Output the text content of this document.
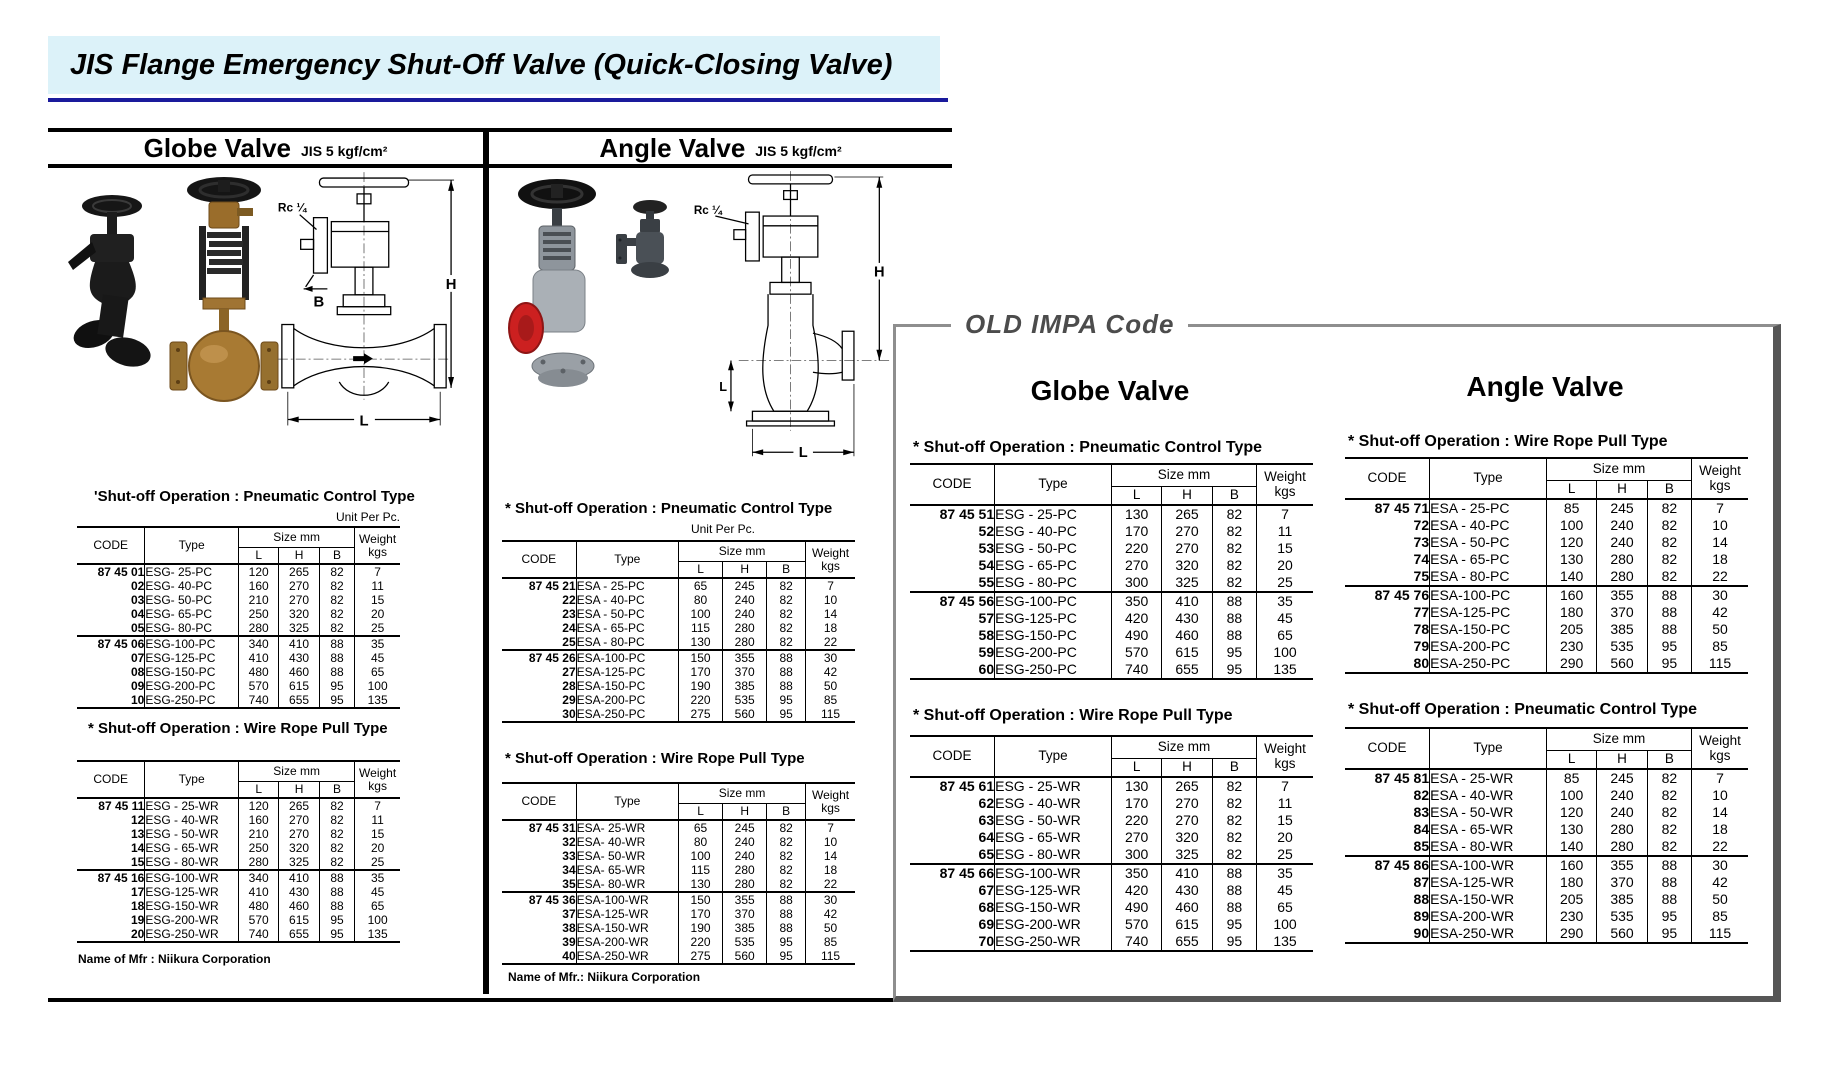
JIS Flange Emergency Shut-Off Valve (Quick-Closing Valve)
Globe Valve JIS 5 kgf/cm²	Angle Valve JIS 5 kgf/cm²
Rc ¼
B
H
L
Rc ¼
H
L
L
'Shut-off Operation : Pneumatic Control Type
Unit Per Pc.
CODE	Type	Size mm			Weight
kgs
		L	H	B	
87 45 01	ESG- 25-PC	120	265	82	7
02	ESG- 40-PC	160	270	82	11
03	ESG- 50-PC	210	270	82	15
04	ESG- 65-PC	250	320	82	20
05	ESG- 80-PC	280	325	82	25
87 45 06	ESG-100-PC	340	410	88	35
07	ESG-125-PC	410	430	88	45
08	ESG-150-PC	480	460	88	65
09	ESG-200-PC	570	615	95	100
10	ESG-250-PC	740	655	95	135
* Shut-off Operation : Wire Rope Pull Type
CODE	Type	Size mm			Weight
kgs
		L	H	B	
87 45 11	ESG - 25-WR	120	265	82	7
12	ESG - 40-WR	160	270	82	11
13	ESG - 50-WR	210	270	82	15
14	ESG - 65-WR	250	320	82	20
15	ESG - 80-WR	280	325	82	25
87 45 16	ESG-100-WR	340	410	88	35
17	ESG-125-WR	410	430	88	45
18	ESG-150-WR	480	460	88	65
19	ESG-200-WR	570	615	95	100
20	ESG-250-WR	740	655	95	135
Name of Mfr : Niikura Corporation
* Shut-off Operation : Pneumatic Control Type
Unit Per Pc.
CODE	Type	Size mm			Weight
kgs
		L	H	B	
87 45 21	ESA - 25-PC	65	245	82	7
22	ESA - 40-PC	80	240	82	10
23	ESA - 50-PC	100	240	82	14
24	ESA - 65-PC	115	280	82	18
25	ESA - 80-PC	130	280	82	22
87 45 26	ESA-100-PC	150	355	88	30
27	ESA-125-PC	170	370	88	42
28	ESA-150-PC	190	385	88	50
29	ESA-200-PC	220	535	95	85
30	ESA-250-PC	275	560	95	115
* Shut-off Operation : Wire Rope Pull Type
CODE	Type	Size mm			Weight
kgs
		L	H	B	
87 45 31	ESA- 25-WR	65	245	82	7
32	ESA- 40-WR	80	240	82	10
33	ESA- 50-WR	100	240	82	14
34	ESA- 65-WR	115	280	82	18
35	ESA- 80-WR	130	280	82	22
87 45 36	ESA-100-WR	150	355	88	30
37	ESA-125-WR	170	370	88	42
38	ESA-150-WR	190	385	88	50
39	ESA-200-WR	220	535	95	85
40	ESA-250-WR	275	560	95	115
Name of Mfr.: Niikura Corporation
OLD IMPA Code
Globe Valve
* Shut-off Operation : Pneumatic Control Type
CODE	Type	Size mm			Weight
kgs
		L	H	B	
87 45 51	ESG - 25-PC	130	265	82	7
52	ESG - 40-PC	170	270	82	11
53	ESG - 50-PC	220	270	82	15
54	ESG - 65-PC	270	320	82	20
55	ESG - 80-PC	300	325	82	25
87 45 56	ESG-100-PC	350	410	88	35
57	ESG-125-PC	420	430	88	45
58	ESG-150-PC	490	460	88	65
59	ESG-200-PC	570	615	95	100
60	ESG-250-PC	740	655	95	135
* Shut-off Operation : Wire Rope Pull Type
CODE	Type	Size mm			Weight
kgs
		L	H	B	
87 45 61	ESG - 25-WR	130	265	82	7
62	ESG - 40-WR	170	270	82	11
63	ESG - 50-WR	220	270	82	15
64	ESG - 65-WR	270	320	82	20
65	ESG - 80-WR	300	325	82	25
87 45 66	ESG-100-WR	350	410	88	35
67	ESG-125-WR	420	430	88	45
68	ESG-150-WR	490	460	88	65
69	ESG-200-WR	570	615	95	100
70	ESG-250-WR	740	655	95	135
Angle Valve
* Shut-off Operation : Wire Rope Pull Type
CODE	Type	Size mm			Weight
kgs
		L	H	B	
87 45 71	ESA - 25-PC	85	245	82	7
72	ESA - 40-PC	100	240	82	10
73	ESA - 50-PC	120	240	82	14
74	ESA - 65-PC	130	280	82	18
75	ESA - 80-PC	140	280	82	22
87 45 76	ESA-100-PC	160	355	88	30
77	ESA-125-PC	180	370	88	42
78	ESA-150-PC	205	385	88	50
79	ESA-200-PC	230	535	95	85
80	ESA-250-PC	290	560	95	115
* Shut-off Operation : Pneumatic Control Type
CODE	Type	Size mm			Weight
kgs
		L	H	B	
87 45 81	ESA - 25-WR	85	245	82	7
82	ESA - 40-WR	100	240	82	10
83	ESA - 50-WR	120	240	82	14
84	ESA - 65-WR	130	280	82	18
85	ESA - 80-WR	140	280	82	22
87 45 86	ESA-100-WR	160	355	88	30
87	ESA-125-WR	180	370	88	42
88	ESA-150-WR	205	385	88	50
89	ESA-200-WR	230	535	95	85
90	ESA-250-WR	290	560	95	115
